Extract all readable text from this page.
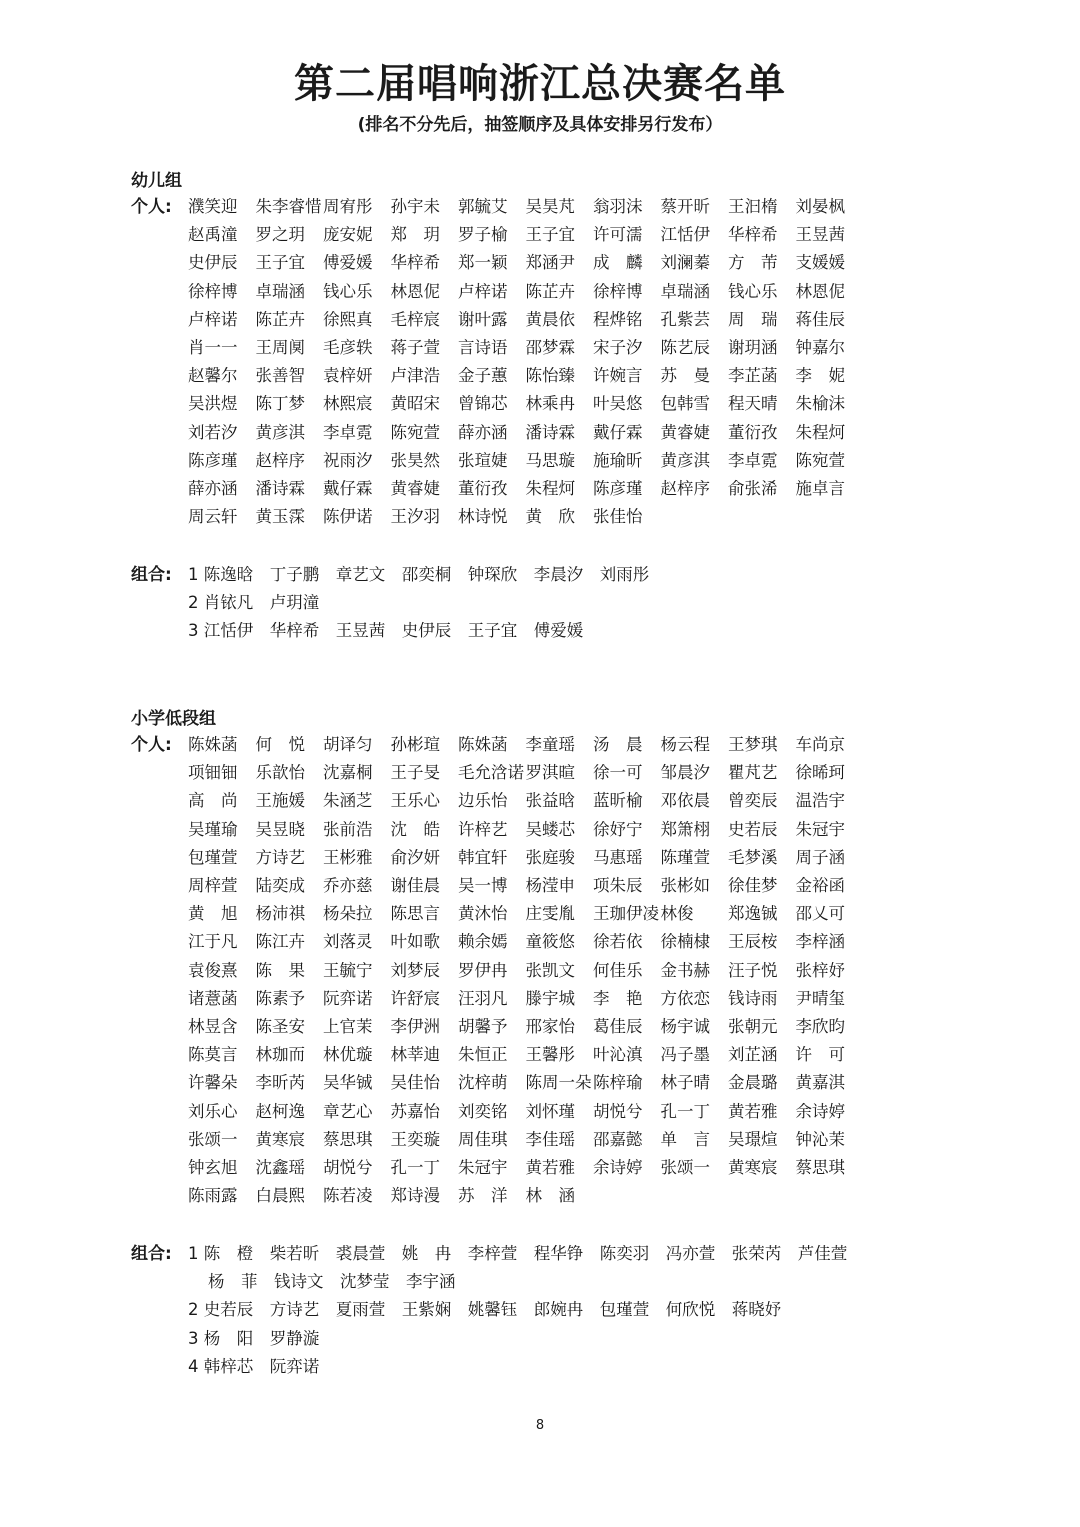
第二届唱响浙江总决赛名单
(排名不分先后，抽签顺序及具体安排另行发布）
幼儿组
个人: 濮笑迎	朱李睿惜 周宥彤	孙宇未	郭毓艾	吴昊芃	翁羽沫	蔡开昕	王汩楕	刘晏枫
赵禹潼	罗之玥	庞安妮	郑　玥	罗子榆	王子宜	许可濡	江恬伊	华梓希	王昱茜
史伊辰	王子宜	傅爱媛	华梓希	郑一颖	郑涵尹	成　麟	刘澜蓁	方　芾	支媛媛
徐梓博	卓瑞涵	钱心乐	林恩伲	卢梓诺	陈芷卉	徐梓博	卓瑞涵	钱心乐	林恩伲
卢梓诺	陈芷卉	徐熙真	毛梓宸	谢叶露	黄晨依	程烨铭	孔紫芸	周　瑞	蒋佳辰
肖一一	王周阒	毛彦轶	蒋子萱	言诗语	邵梦霖	宋子汐	陈艺辰	谢玥涵	钟嘉尔
赵馨尔	张善智	袁梓妍	卢津浩	金子蕙	陈怡臻	许婉言	苏　曼	李芷菡	李　妮
吴洪煜	陈丁梦	林熙宸	黄昭宋	曾锦芯	林乘冉	叶吴悠	包韩雪	程天晴	朱榆沫
刘若汐	黄彦淇	李卓霓	陈宛萱	薛亦涵	潘诗霖	戴仔霖	黄睿婕	董衍孜	朱程炣
陈彦瑾	赵梓序	祝雨汐	张昊然	张瑄婕	马思璇	施瑜昕	黄彦淇	李卓霓	陈宛萱
薛亦涵	潘诗霖	戴仔霖	黄睿婕	董衍孜	朱程炣	陈彦瑾	赵梓序	俞张浠	施卓言
周云轩	黄玉霂	陈伊诺	王汐羽	林诗悦	黄　欣	张佳怡
组合: 1 陈逸晗　丁子鹏　章艺文　邵奕桐　钟琛欣　李晨汐　刘雨彤
2 肖铱凡　卢玥潼
3 江恬伊　华梓希　王昱茜　史伊辰　王子宜　傅爱媛
小学低段组
个人: 陈姝菡	何　悦	胡译匀	孙彬瑄	陈姝菡	李童瑶	汤　晨	杨云程	王梦琪	车尚京
项钿钿	乐歆怡	沈嘉桐	王子旻	毛允浛诺 罗淇暄	徐一可	邹晨汐	瞿芃艺	徐晞珂
高　尚	王施媛	朱涵芝	王乐心	边乐怡	张益晗	蓝昕榆	邓依晨	曾奕辰	温浩宇
吴瑾瑜	吴昱晓	张前浩	沈　皓	许梓艺	吴蝼芯	徐妤宁	郑箫栩	史若辰	朱冠宇
包瑾萱	方诗艺	王彬雅	俞汐妍	韩宜轩	张庭骏	马惠瑶	陈瑾萱	毛梦溪	周子涵
周梓萱	陆奕成	乔亦慈	谢佳晨	吴一博	杨滢申	项朱辰	张彬如	徐佳梦	金裕函
黄　旭	杨沛祺	杨朵拉	陈思言	黄沐怡	庄雯胤	王珈伊凌 林俊	郑逸铖	邵乂可
江于凡	陈江卉	刘落灵	叶如歌	赖余嫣	童筱悠	徐若依	徐楠棣	王辰桉	李梓涵
袁俊熹	陈　果	王毓宁	刘梦辰	罗伊冉	张凯文	何佳乐	金书赫	汪子悦	张梓妤
诸薏菡	陈素予	阮弈诺	许舒宸	汪羽凡	滕宇城	李　艳	方依恋	钱诗雨	尹晴玺
林昱含	陈圣安	上官茉	李伊洲	胡馨予	邢家怡	葛佳辰	杨宇诚	张朝元	李欣昀
陈莫言	林珈而	林优璇	林莘迪	朱恒正	王馨彤	叶沁滇	冯子墨	刘芷涵	许　可
许馨朵	李昕芮	吴华铖	吴佳怡	沈梓萌	陈周一朵 陈梓瑜	林子晴	金晨璐	黄嘉淇
刘乐心	赵柯逸	章艺心	苏嘉怡	刘奕铭	刘怀瑾	胡悦兮	孔一丁	黄若雅	余诗婷
张颂一	黄寒宸	蔡思琪	王奕璇	周佳琪	李佳瑶	邵嘉懿	单　言	吴璟煊	钟沁茉
钟玄旭	沈鑫瑶	胡悦兮	孔一丁	朱冠宇	黄若雅	余诗婷	张颂一	黄寒宸	蔡思琪
陈雨露	白晨熙	陈若凌	郑诗漫	苏　洋	林　涵
组合: 1 陈　橙　柴若昕　裘晨萱　姚　冉　李梓萱　程华铮　陈奕羽　冯亦萱　张荣芮　芦佳萱
杨　菲　钱诗文　沈梦莹　李宇涵
2 史若辰　方诗艺　夏雨萱　王紫娴　姚馨钰　郎婉冉　包瑾萱　何欣悦　蒋晓妤
3 杨　阳　罗静漩
4 韩梓芯　阮弈诺
8
